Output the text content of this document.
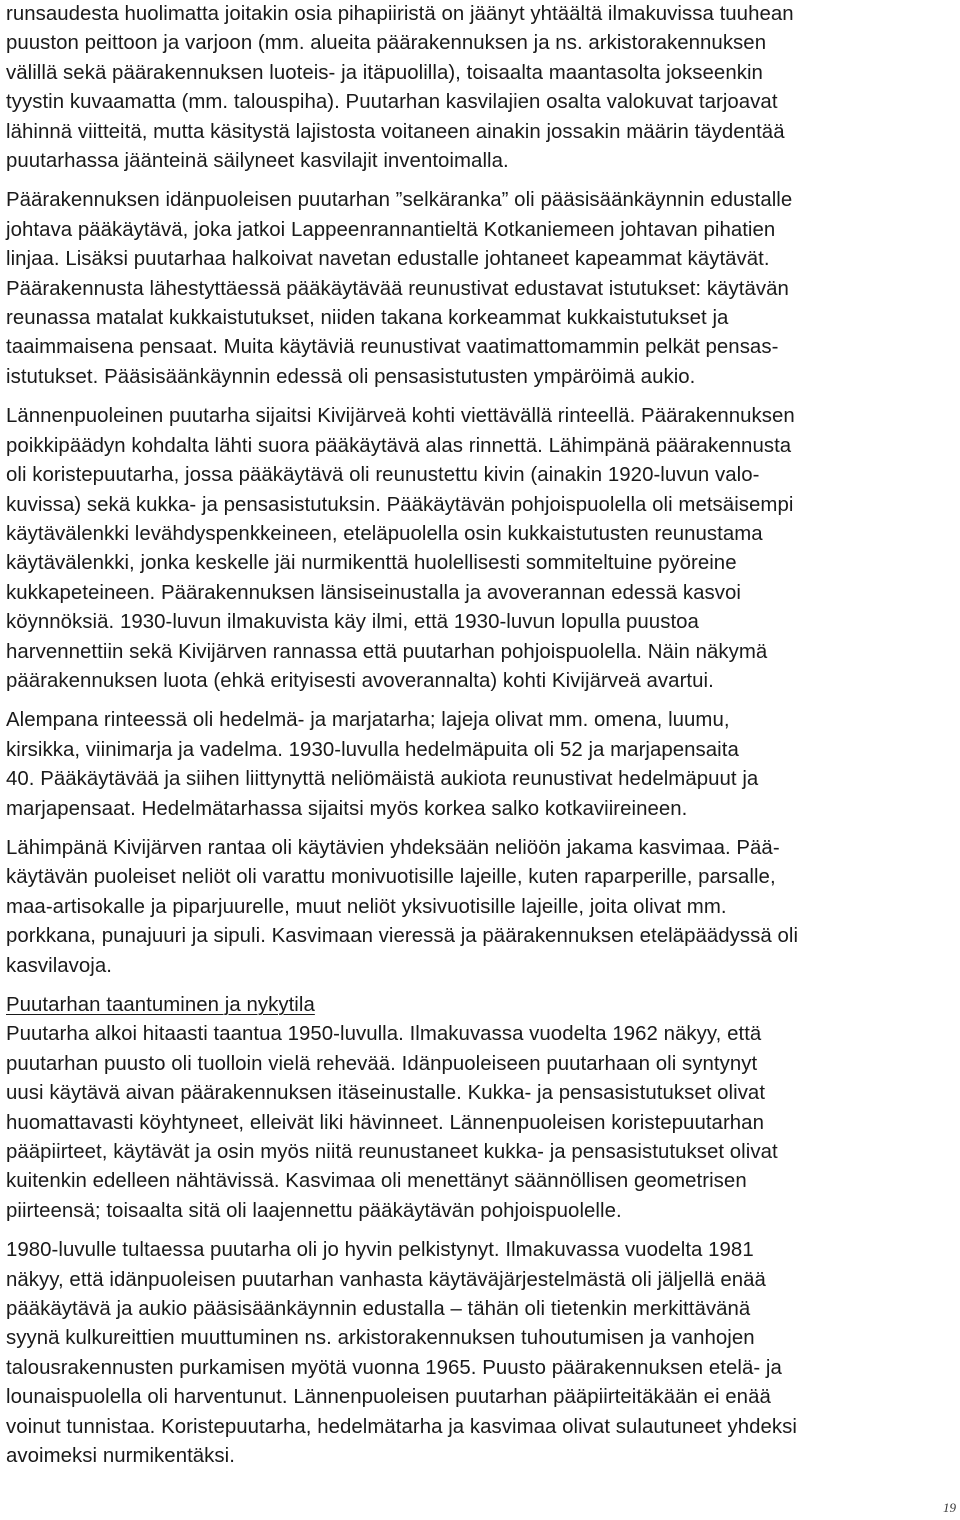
runsaudesta huolimatta joitakin osia pihapiiristä on jäänyt yhtäältä ilmakuvissa tuuhean
puuston peittoon ja varjoon (mm. alueita päärakennuksen ja ns. arkistorakennuksen
välillä sekä päärakennuksen luoteis- ja itäpuolilla), toisaalta maantasolta jokseenkin
tyystin kuvaamatta (mm. talouspiha). Puutarhan kasvilajien osalta valokuvat tarjoavat
lähinnä viitteitä, mutta käsitystä lajistosta voitaneen ainakin jossakin määrin täydentää
puutarhassa jäänteinä säilyneet kasvilajit inventoimalla.
Päärakennuksen idänpuoleisen puutarhan ”selkäranka” oli pääsisäänkäynnin edustalle
johtava pääkäytävä, joka jatkoi Lappeenrannantieltä Kotkaniemeen johtavan pihatien
linjaa. Lisäksi puutarhaa halkoivat navetan edustalle johtaneet kapeammat käytävät.
Päärakennusta lähestyttäessä pääkäytävää reunustivat edustavat istutukset: käytävän
reunassa matalat kukkaistutukset, niiden takana korkeammat kukkaistutukset ja
taaimmaisena pensaat. Muita käytäviä reunustivat vaatimattomammin pelkät pensas-
istutukset. Pääsisäänkäynnin edessä oli pensasistutusten ympäröimä aukio.
Lännenpuoleinen puutarha sijaitsi Kivijärveä kohti viettävällä rinteellä. Päärakennuksen
poikkipäädyn kohdalta lähti suora pääkäytävä alas rinnettä. Lähimpänä päärakennusta
oli koristepuutarha, jossa pääkäytävä oli reunustettu kivin (ainakin 1920-luvun valo-
kuvissa) sekä kukka- ja pensasistutuksin. Pääkäytävän pohjoispuolella oli metsäisempi
käytävälenkki levähdyspenkkeineen, eteläpuolella osin kukkaistutusten reunustama
käytävälenkki, jonka keskelle jäi nurmikenttä huolellisesti sommiteltuine pyöreine
kukkapeteineen. Päärakennuksen länsiseinustalla ja avoverannan edessä kasvoi
köynnöksiä. 1930-luvun ilmakuvista käy ilmi, että 1930-luvun lopulla puustoa
harvennettiin sekä Kivijärven rannassa että puutarhan pohjoispuolella. Näin näkymä
päärakennuksen luota (ehkä erityisesti avoverannalta) kohti Kivijärveä avartui.
Alempana rinteessä oli hedelmä- ja marjatarha; lajeja olivat mm. omena, luumu,
kirsikka, viinimarja ja vadelma. 1930-luvulla hedelmäpuita oli 52 ja marjapensaita
40. Pääkäytävää ja siihen liittynyttä neliömäistä aukiota reunustivat hedelmäpuut ja
marjapensaat. Hedelmätarhassa sijaitsi myös korkea salko kotkaviireineen.
Lähimpänä Kivijärven rantaa oli käytävien yhdeksään neliöön jakama kasvimaa. Pää-
käytävän puoleiset neliöt oli varattu monivuotisille lajeille, kuten raparperille, parsalle,
maa-artisokalle ja piparjuurelle, muut neliöt yksivuotisille lajeille, joita olivat mm.
porkkana, punajuuri ja sipuli. Kasvimaan vieressä ja päärakennuksen eteläpäädyssä oli
kasvilavoja.
Puutarhan taantuminen ja nykytila
Puutarha alkoi hitaasti taantua 1950-luvulla. Ilmakuvassa vuodelta 1962 näkyy, että
puutarhan puusto oli tuolloin vielä rehevää. Idänpuoleiseen puutarhaan oli syntynyt
uusi käytävä aivan päärakennuksen itäseinustalle. Kukka- ja pensasistutukset olivat
huomattavasti köyhtyneet, elleivät liki hävinneet. Lännenpuoleisen koristepuutarhan
pääpiirteet, käytävät ja osin myös niitä reunustaneet kukka- ja pensasistutukset olivat
kuitenkin edelleen nähtävissä. Kasvimaa oli menettänyt säännöllisen geometrisen
piirteensä; toisaalta sitä oli laajennettu pääkäytävän pohjoispuolelle.
1980-luvulle tultaessa puutarha oli jo hyvin pelkistynyt. Ilmakuvassa vuodelta 1981
näkyy, että idänpuoleisen puutarhan vanhasta käytäväjärjestelmästä oli jäljellä enää
pääkäytävä ja aukio pääsisäänkäynnin edustalla – tähän oli tietenkin merkittävänä
syynä kulkureittien muuttuminen ns. arkistorakennuksen tuhoutumisen ja vanhojen
talousrakennusten purkamisen myötä vuonna 1965. Puusto päärakennuksen etelä- ja
lounaispuolella oli harventunut. Lännenpuoleisen puutarhan pääpiirteitäkään ei enää
voinut tunnistaa. Koristepuutarha, hedelmätarha ja kasvimaa olivat sulautuneet yhdeksi
avoimeksi nurmikentäksi.
19
